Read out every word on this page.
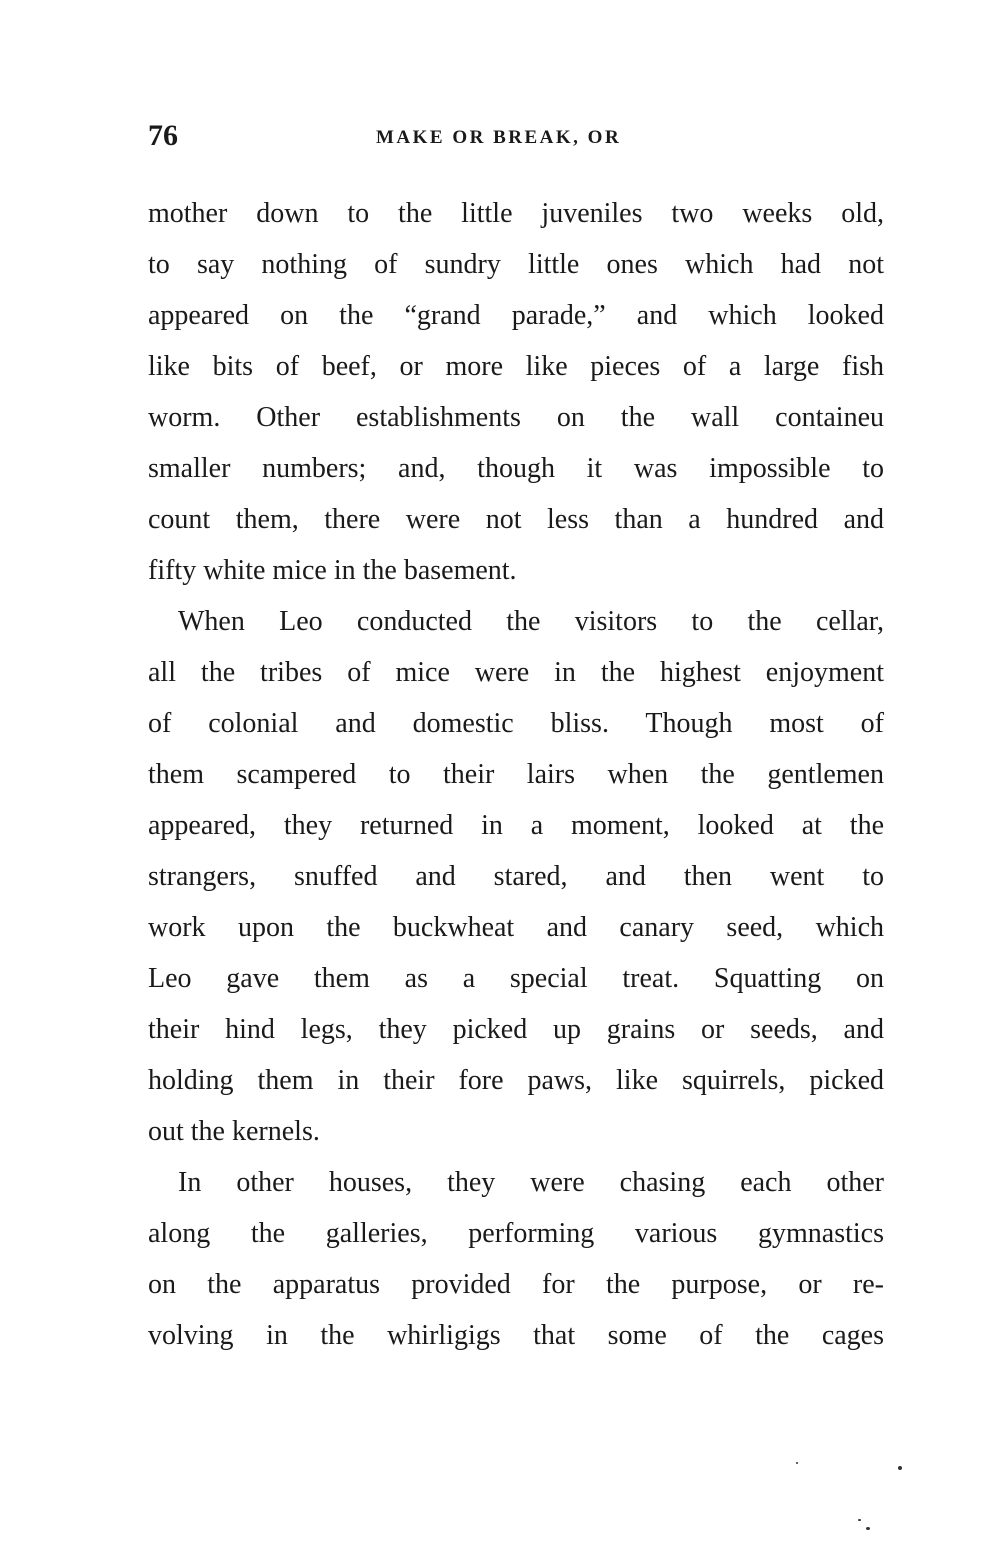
76	MAKE OR BREAK, OR
mother down to the little juveniles two weeks old,
to say nothing of sundry little ones which had not
appeared on the “grand parade,” and which looked
like bits of beef, or more like pieces of a large fish
worm. Other establishments on the wall containeu
smaller numbers; and, though it was impossible to
count them, there were not less than a hundred and
fifty white mice in the basement.
When Leo conducted the visitors to the cellar,
all the tribes of mice were in the highest enjoyment
of colonial and domestic bliss. Though most of
them scampered to their lairs when the gentlemen
appeared, they returned in a moment, looked at the
strangers, snuffed and stared, and then went to
work upon the buckwheat and canary seed, which
Leo gave them as a special treat. Squatting on
their hind legs, they picked up grains or seeds, and
holding them in their fore paws, like squirrels, picked
out the kernels.
In other houses, they were chasing each other
along the galleries, performing various gymnastics
on the apparatus provided for the purpose, or re-
volving in the whirligigs that some of the cages
